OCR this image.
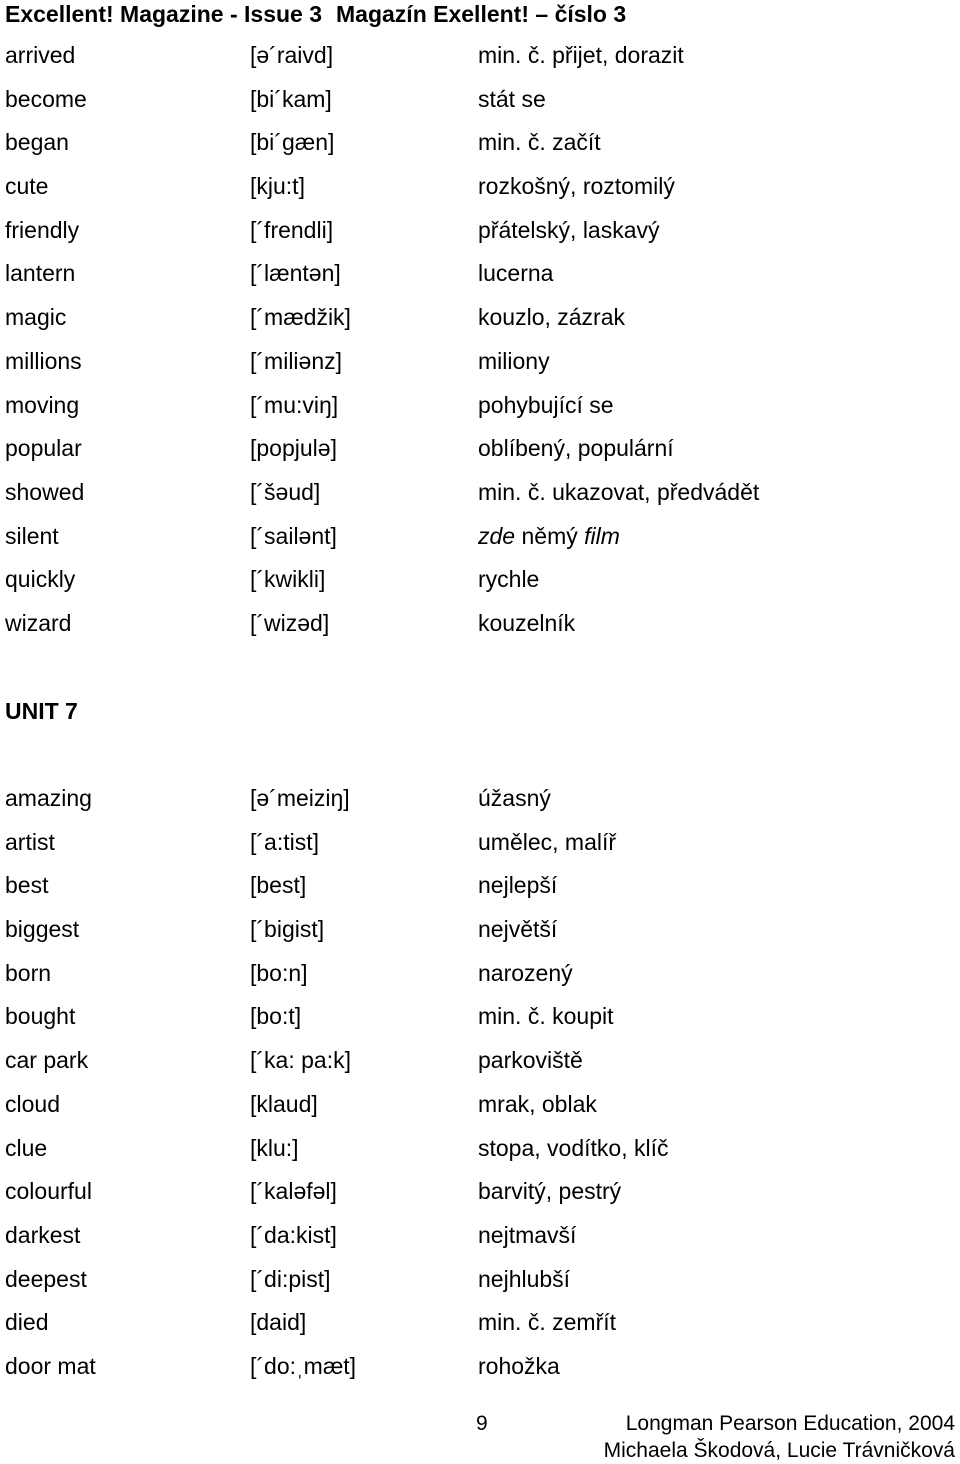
Excellent! Magazine - Issue 3 Magazín Exellent! – číslo 3
arrived	[ə´raivd]	min. č. přijet, dorazit
become	[bi´kam]	stát se
began	[bi´gæn]	min. č. začít
cute	[kju:t]	rozkošný, roztomilý
friendly	[´frendli]	přátelský, laskavý
lantern	[´læntən]	lucerna
magic	[´mædžik]	kouzlo, zázrak
millions	[´miliənz]	miliony
moving	[´mu:viŋ]	pohybující se
popular	[popjulə]	oblíbený, populární
showed	[´šəud]	min. č. ukazovat, předvádět
silent	[´sailənt]	zde němý film
quickly	[´kwikli]	rychle
wizard	[´wizəd]	kouzelník
UNIT 7
amazing	[ə´meiziŋ]	úžasný
artist	[´a:tist]	umělec, malíř
best	[best]	nejlepší
biggest	[´bigist]	největší
born	[bo:n]	narozený
bought	[bo:t]	min. č. koupit
car park	[´ka: pa:k]	parkoviště
cloud	[klaud]	mrak, oblak
clue	[klu:]	stopa, vodítko, klíč
colourful	[´kaləfəl]	barvitý, pestrý
darkest	[´da:kist]	nejtmavší
deepest	[´di:pist]	nejhlubší
died	[daid]	min. č. zemřít
door mat	[´do:ˌmæt]	rohožka
9	Longman Pearson Education, 2004
Michaela Škodová, Lucie Trávničková
